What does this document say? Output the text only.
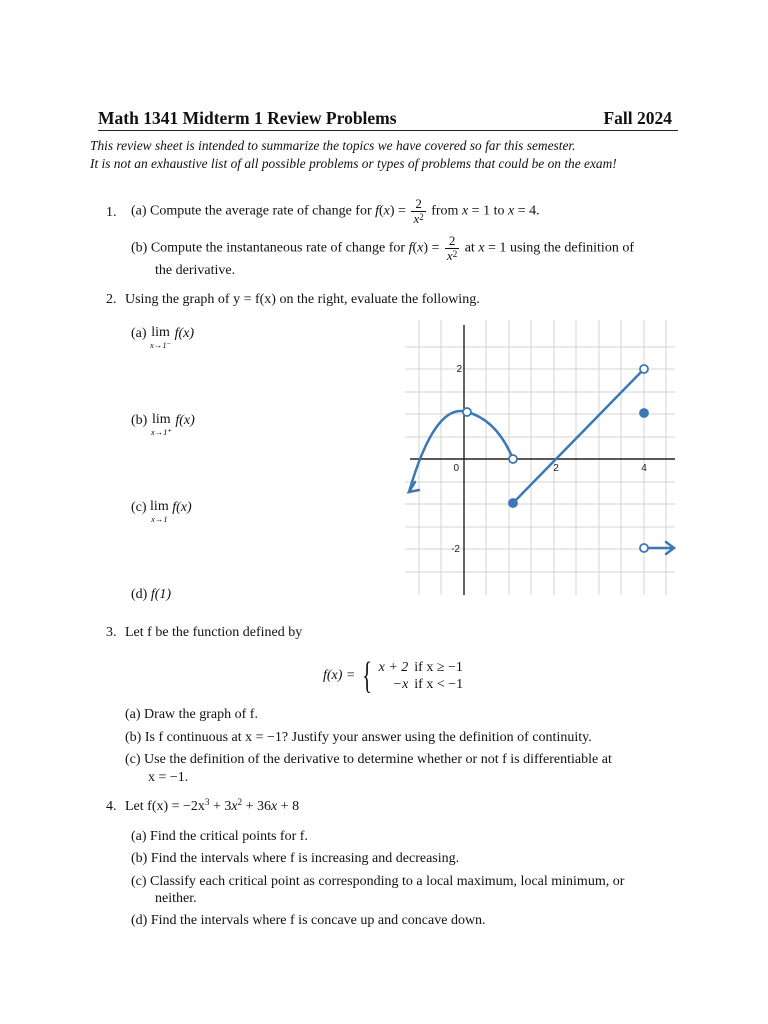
Math 1341 Midterm 1 Review Problems	Fall 2024
This review sheet is intended to summarize the topics we have covered so far this semester.
It is not an exhaustive list of all possible problems or types of problems that could be on the exam!
1. (a) Compute the average rate of change for $f(x) = \frac{2}{x^2}$ from x = 1 to x = 4.
(b) Compute the instantaneous rate of change for $f(x) = \frac{2}{x^2}$ at x = 1 using the definition of
the derivative.
2. Using the graph of y = f(x) on the right, evaluate the following.
(a) lim
x→1⁻
f(x)
(b) lim
x→1⁺
f(x)
(c) lim
x→1
f(x)
(d) f(1)
2
-2
0	2	4
3. Let f be the function defined by
f(x) =	{	x + 2	if x ≥ −1
−x	if x < −1
(a) Draw the graph of f.
(b) Is f continuous at x = −1? Justify your answer using the definition of continuity.
(c) Use the definition of the derivative to determine whether or not f is differentiable at
x = −1.
4. Let $f(x) = -2x^3 + 3x^2 + 36x + 8$
(a) Find the critical points for f.
(b) Find the intervals where f is increasing and decreasing.
(c) Classify each critical point as corresponding to a local maximum, local minimum, or
neither.
(d) Find the intervals where f is concave up and concave down.
